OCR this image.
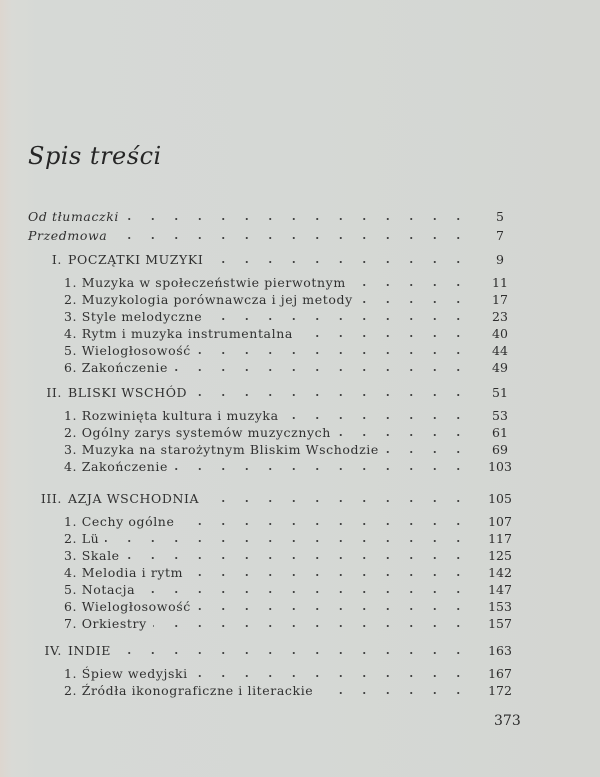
Spis treści
Od tłumaczki	5
Przedmowa	7
I. POCZĄTKI MUZYKI	9
1. Muzyka w społeczeństwie pierwotnym	11
2. Muzykologia porównawcza i jej metody	17
3. Style melodyczne	23
4. Rytm i muzyka instrumentalna	40
5. Wielogłosowość	44
6. Zakończenie	49
II. BLISKI WSCHÓD	51
1. Rozwinięta kultura i muzyka	53
2. Ogólny zarys systemów muzycznych	61
3. Muzyka na starożytnym Bliskim Wschodzie	69
4. Zakończenie	103
III. AZJA WSCHODNIA	105
1. Cechy ogólne	107
2. Lü	117
3. Skale	125
4. Melodia i rytm	142
5. Notacja	147
6. Wielogłosowość	153
7. Orkiestry	157
IV. INDIE	163
1. Śpiew wedyjski	167
2. Źródła ikonograficzne i literackie	172
373
